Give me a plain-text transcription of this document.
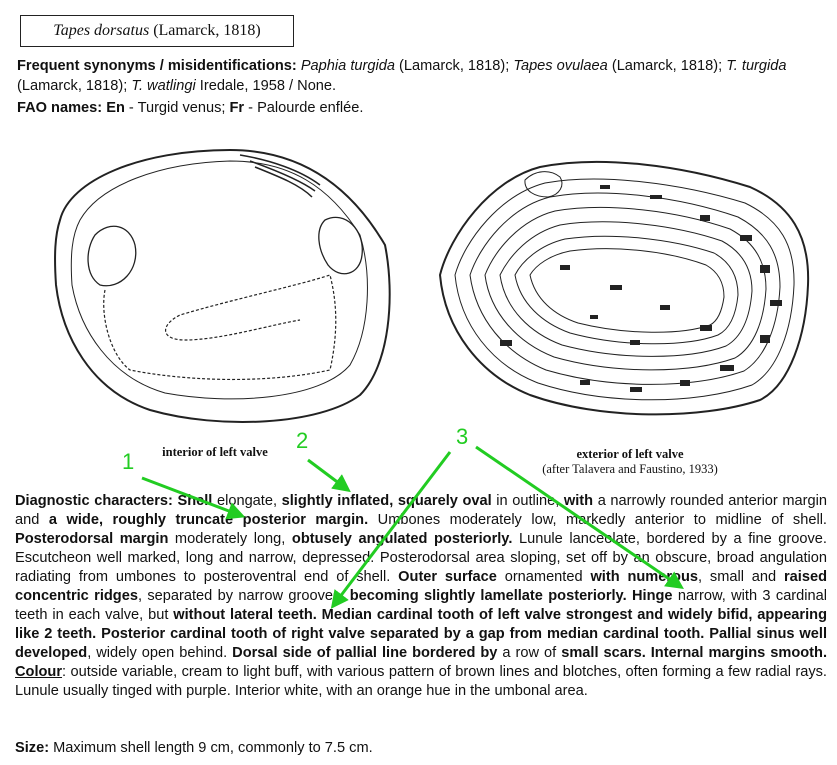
Tapes dorsatus (Lamarck, 1818)
Frequent synonyms / misidentifications: Paphia turgida (Lamarck, 1818); Tapes ovulaea (Lamarck, 1818); T. turgida (Lamarck, 1818); T. watlingi Iredale, 1958 / None.
FAO names: En - Turgid venus; Fr - Palourde enflée.
interior of left valve	exterior of left valve
(after Talavera and Faustino, 1933)
Diagnostic characters: Shell elongate, slightly inflated, squarely oval in outline, with a narrowly rounded anterior margin and a wide, roughly truncate posterior margin. Umbones moderately low, markedly anterior to midline of shell. Posterodorsal margin moderately long, obtusely angulated posteriorly. Lunule lanceolate, bordered by a fine groove. Escutcheon well marked, long and narrow, depressed. Posterodorsal area sloping, set off by an obscure, broad angulation radiating from umbones to posteroventral end of shell. Outer surface ornamented with numerous, small and raised concentric ridges, separated by narrow grooves, becoming slightly lamellate posteriorly. Hinge narrow, with 3 cardinal teeth in each valve, but without lateral teeth. Median cardinal tooth of left valve strongest and widely bifid, appearing like 2 teeth. Posterior cardinal tooth of right valve separated by a gap from median cardinal tooth. Pallial sinus well developed, widely open behind. Dorsal side of pallial line bordered by a row of small scars. Internal margins smooth. Colour: outside variable, cream to light buff, with various pattern of brown lines and blotches, often forming a few radial rays. Lunule usually tinged with purple. Interior white, with an orange hue in the umbonal area.
Size: Maximum shell length 9 cm, commonly to 7.5 cm.
1
2	3
